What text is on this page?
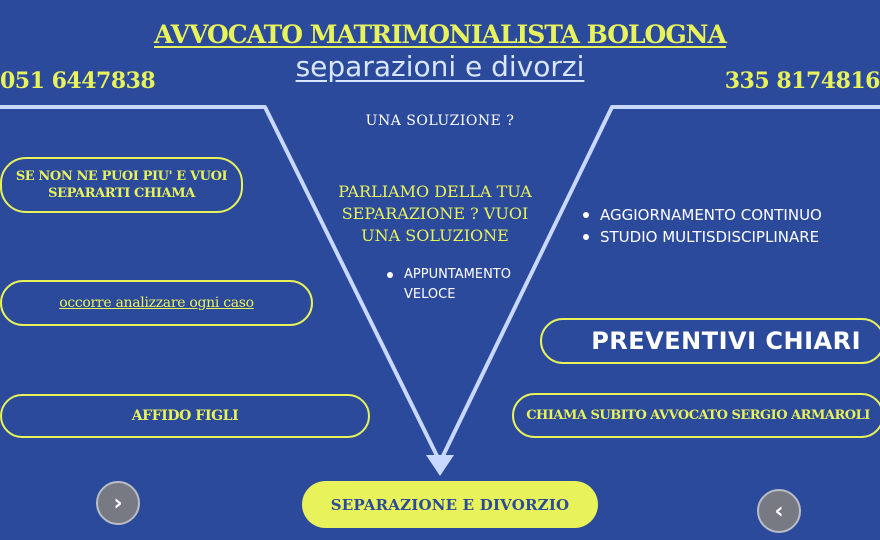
AVVOCATO MATRIMONIALISTA BOLOGNA
separazioni e divorzi
051 6447838	335 8174816
UNA SOLUZIONE ?
PARLIAMO DELLA TUA SEPARAZIONE ? VUOI UNA SOLUZIONE
APPUNTAMENTO VELOCE
AGGIORNAMENTO CONTINUO
STUDIO MULTISDISCIPLINARE
SE NON NE PUOI PIU' E VUOI SEPARARTI CHIAMA
occorre analizzare ogni caso
AFFIDO FIGLI
PREVENTIVI CHIARI
CHIAMA SUBITO AVVOCATO SERGIO ARMAROLI
SEPARAZIONE E DIVORZIO
›	‹
